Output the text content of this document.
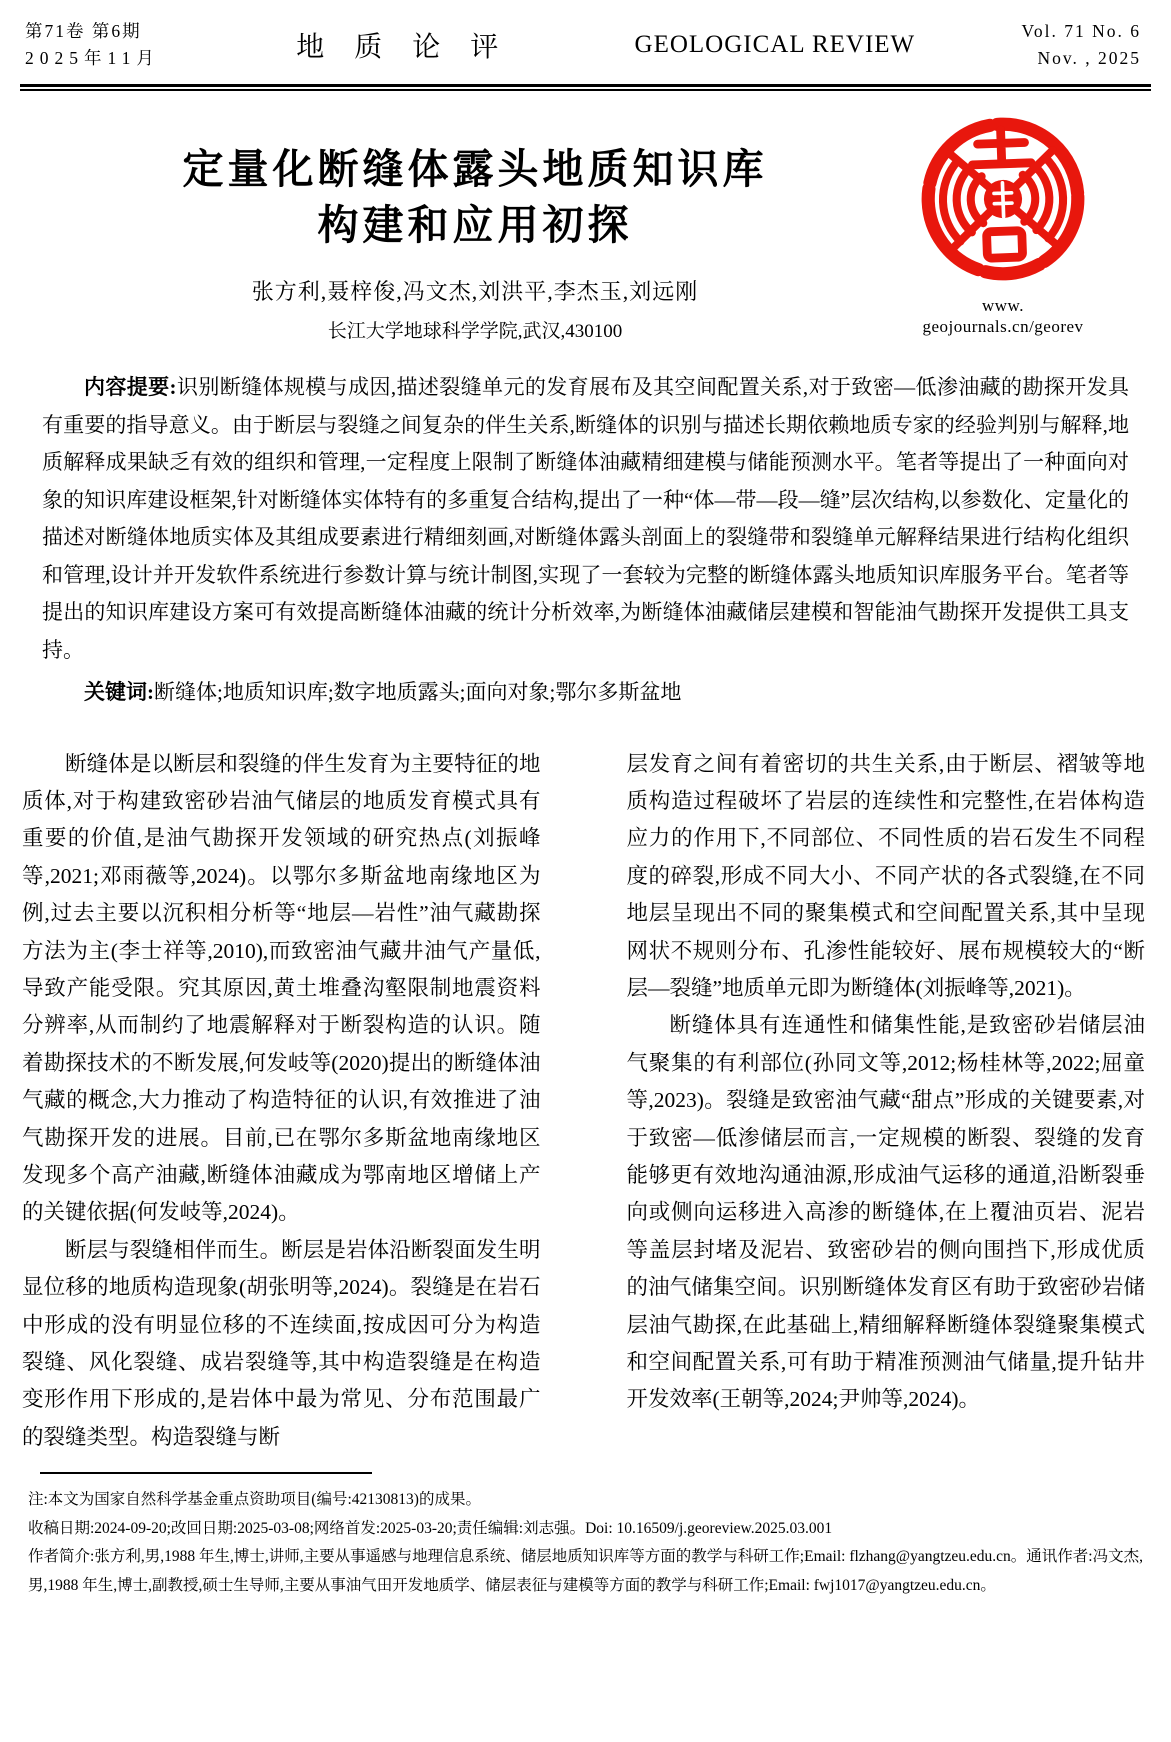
第71卷 第6期
2025年11月	地质论评	GEOLOGICAL REVIEW	Vol. 71 No. 6
Nov. , 2025
定量化断缝体露头地质知识库
构建和应用初探
张方利,聂梓俊,冯文杰,刘洪平,李杰玉,刘远刚
长江大学地球科学学院,武汉,430100
www.
geojournals.cn/georev

内容提要:识别断缝体规模与成因,描述裂缝单元的发育展布及其空间配置关系,对于致密—低渗油藏的勘探开发具有重要的指导意义。由于断层与裂缝之间复杂的伴生关系,断缝体的识别与描述长期依赖地质专家的经验判别与解释,地质解释成果缺乏有效的组织和管理,一定程度上限制了断缝体油藏精细建模与储能预测水平。笔者等提出了一种面向对象的知识库建设框架,针对断缝体实体特有的多重复合结构,提出了一种“体—带—段—缝”层次结构,以参数化、定量化的描述对断缝体地质实体及其组成要素进行精细刻画,对断缝体露头剖面上的裂缝带和裂缝单元解释结果进行结构化组织和管理,设计并开发软件系统进行参数计算与统计制图,实现了一套较为完整的断缝体露头地质知识库服务平台。笔者等提出的知识库建设方案可有效提高断缝体油藏的统计分析效率,为断缝体油藏储层建模和智能油气勘探开发提供工具支持。

关键词:断缝体;地质知识库;数字地质露头;面向对象;鄂尔多斯盆地

断缝体是以断层和裂缝的伴生发育为主要特征的地质体,对于构建致密砂岩油气储层的地质发育模式具有重要的价值,是油气勘探开发领域的研究热点(刘振峰等,2021;邓雨薇等,2024)。以鄂尔多斯盆地南缘地区为例,过去主要以沉积相分析等“地层—岩性”油气藏勘探方法为主(李士祥等,2010),而致密油气藏井油气产量低,导致产能受限。究其原因,黄土堆叠沟壑限制地震资料分辨率,从而制约了地震解释对于断裂构造的认识。随着勘探技术的不断发展,何发岐等(2020)提出的断缝体油气藏的概念,大力推动了构造特征的认识,有效推进了油气勘探开发的进展。目前,已在鄂尔多斯盆地南缘地区发现多个高产油藏,断缝体油藏成为鄂南地区增储上产的关键依据(何发岐等,2024)。

断层与裂缝相伴而生。断层是岩体沿断裂面发生明显位移的地质构造现象(胡张明等,2024)。裂缝是在岩石中形成的没有明显位移的不连续面,按成因可分为构造裂缝、风化裂缝、成岩裂缝等,其中构造裂缝是在构造变形作用下形成的,是岩体中最为常见、分布范围最广的裂缝类型。构造裂缝与断

层发育之间有着密切的共生关系,由于断层、褶皱等地质构造过程破坏了岩层的连续性和完整性,在岩体构造应力的作用下,不同部位、不同性质的岩石发生不同程度的碎裂,形成不同大小、不同产状的各式裂缝,在不同地层呈现出不同的聚集模式和空间配置关系,其中呈现网状不规则分布、孔渗性能较好、展布规模较大的“断层—裂缝”地质单元即为断缝体(刘振峰等,2021)。

断缝体具有连通性和储集性能,是致密砂岩储层油气聚集的有利部位(孙同文等,2012;杨桂林等,2022;屈童等,2023)。裂缝是致密油气藏“甜点”形成的关键要素,对于致密—低渗储层而言,一定规模的断裂、裂缝的发育能够更有效地沟通油源,形成油气运移的通道,沿断裂垂向或侧向运移进入高渗的断缝体,在上覆油页岩、泥岩等盖层封堵及泥岩、致密砂岩的侧向围挡下,形成优质的油气储集空间。识别断缝体发育区有助于致密砂岩储层油气勘探,在此基础上,精细解释断缝体裂缝聚集模式和空间配置关系,可有助于精准预测油气储量,提升钻井开发效率(王朝等,2024;尹帅等,2024)。

注:本文为国家自然科学基金重点资助项目(编号:42130813)的成果。

收稿日期:2024-09-20;改回日期:2025-03-08;网络首发:2025-03-20;责任编辑:刘志强。Doi: 10.16509/j.georeview.2025.03.001

作者简介:张方利,男,1988 年生,博士,讲师,主要从事遥感与地理信息系统、储层地质知识库等方面的教学与科研工作;Email: flzhang@yangtzeu.edu.cn。通讯作者:冯文杰,男,1988 年生,博士,副教授,硕士生导师,主要从事油气田开发地质学、储层表征与建模等方面的教学与科研工作;Email: fwj1017@yangtzeu.edu.cn。
